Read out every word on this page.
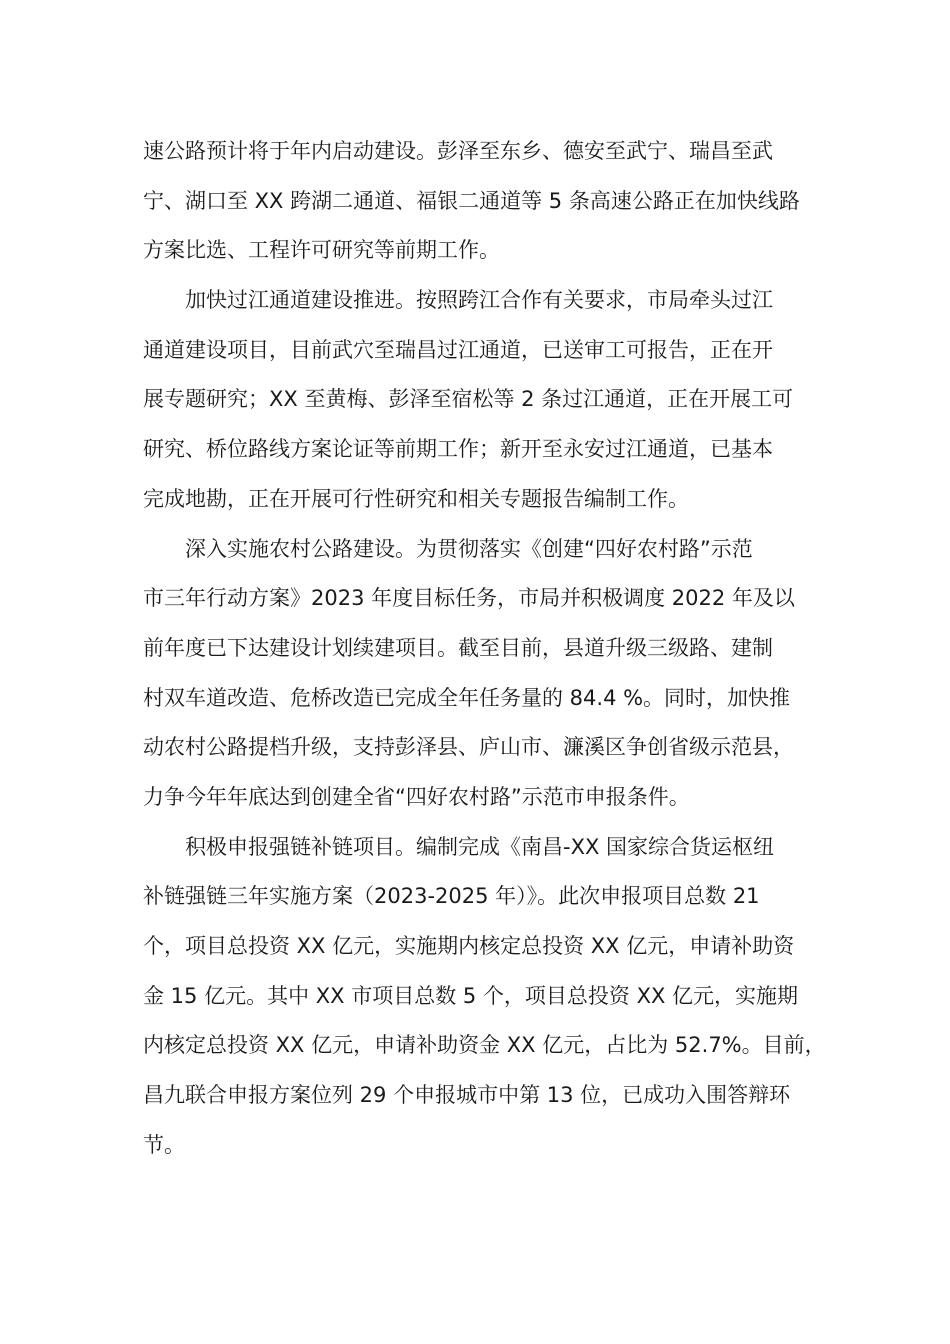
速公路预计将于年内启动建设。彭泽至东乡、德安至武宁、瑞昌至武
宁、湖口至 XX 跨湖二通道、福银二通道等 5 条高速公路正在加快线路
方案比选、工程许可研究等前期工作。
加快过江通道建设推进。按照跨江合作有关要求，市局牵头过江
通道建设项目，目前武穴至瑞昌过江通道，已送审工可报告，正在开
展专题研究；XX 至黄梅、彭泽至宿松等 2 条过江通道，正在开展工可
研究、桥位路线方案论证等前期工作；新开至永安过江通道，已基本
完成地勘，正在开展可行性研究和相关专题报告编制工作。
深入实施农村公路建设。为贯彻落实《创建“四好农村路”示范
市三年行动方案》2023 年度目标任务，市局并积极调度 2022 年及以
前年度已下达建设计划续建项目。截至目前，县道升级三级路、建制
村双车道改造、危桥改造已完成全年任务量的 84.4 %。同时，加快推
动农村公路提档升级，支持彭泽县、庐山市、濂溪区争创省级示范县，
力争今年年底达到创建全省“四好农村路”示范市申报条件。
积极申报强链补链项目。编制完成《南昌-XX 国家综合货运枢纽
补链强链三年实施方案（2023-2025 年）》。此次申报项目总数 21
个，项目总投资 XX 亿元，实施期内核定总投资 XX 亿元，申请补助资
金 15 亿元。其中 XX 市项目总数 5 个，项目总投资 XX 亿元，实施期
内核定总投资 XX 亿元，申请补助资金 XX 亿元，占比为 52.7%。目前，
昌九联合申报方案位列 29 个申报城市中第 13 位，已成功入围答辩环
节。
